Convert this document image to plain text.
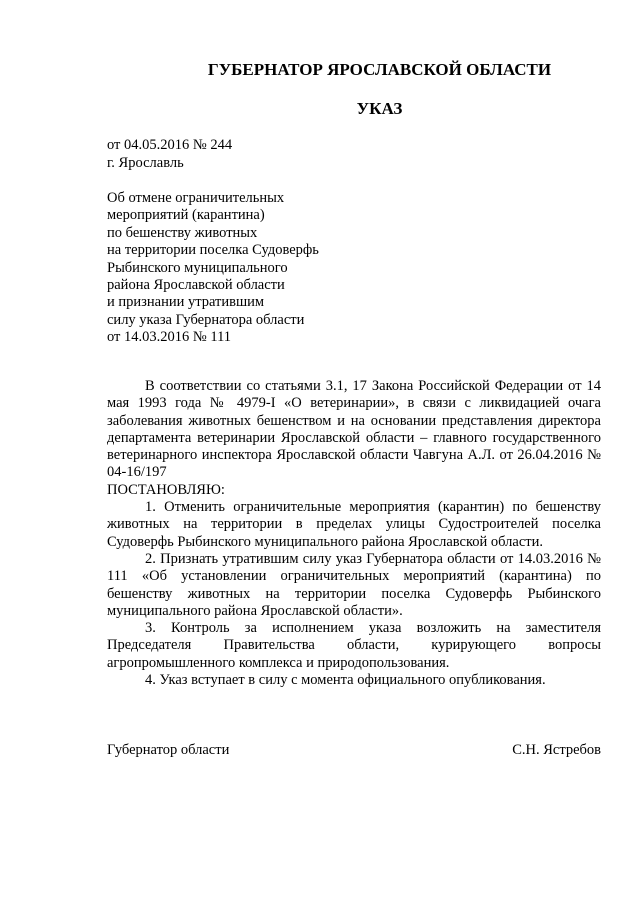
ГУБЕРНАТОР ЯРОСЛАВСКОЙ ОБЛАСТИ
УКАЗ
от 04.05.2016 № 244
г. Ярославль
Об отмене ограничительных
мероприятий (карантина)
по бешенству животных
на территории поселка Судоверфь
Рыбинского муниципального
района Ярославской области
и признании утратившим
силу указа Губернатора области
от 14.03.2016 № 111

В соответствии со статьями 3.1, 17 Закона Российской Федерации от 14 мая 1993 года № 4979-I «О ветеринарии», в связи с ликвидацией очага заболевания животных бешенством и на основании представления директора департамента ветеринарии Ярославской области – главного государственного ветеринарного инспектора Ярославской области Чавгуна А.Л. от 26.04.2016 № 04-16/197

ПОСТАНОВЛЯЮ:

1. Отменить ограничительные мероприятия (карантин) по бешенству животных на территории в пределах улицы Судостроителей поселка Судоверфь Рыбинского муниципального района Ярославской области.

2. Признать утратившим силу указ Губернатора области от 14.03.2016 № 111 «Об установлении ограничительных мероприятий (карантина) по бешенству животных на территории поселка Судоверфь Рыбинского муниципального района Ярославской области».

3. Контроль за исполнением указа возложить на заместителя Председателя Правительства области, курирующего вопросы агропромышленного комплекса и природопользования.

4. Указ вступает в силу с момента официального опубликования.

Губернатор области	С.Н. Ястребов
